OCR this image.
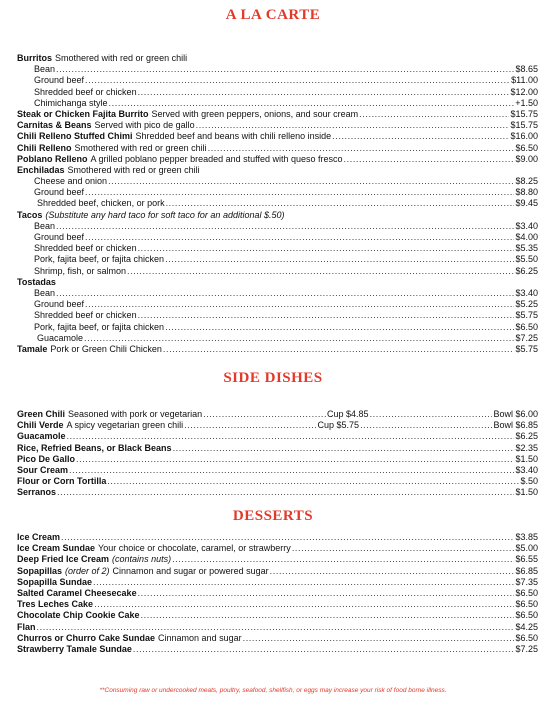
A LA CARTE
Burritos Smothered with red or green chili
Bean .....	$8.65
Ground beef .....	$11.00
Shredded beef or chicken .....	$12.00
Chimichanga style .....	+1.50
Steak or Chicken Fajita Burrito Served with green peppers, onions, and sour cream .....	$15.75
Carnitas & Beans Served with pico de gallo .....	$15.75
Chili Relleno Stuffed Chimi Shredded beef and beans with chili relleno inside .....	$16.00
Chili Relleno Smothered with red or green chili .....	$6.50
Poblano Relleno A grilled poblano pepper breaded and stuffed with queso fresco .....	$9.00
Enchiladas Smothered with red or green chili
Cheese and onion .....	$8.25
Ground beef .....	$8.80
Shredded beef, chicken, or pork .....	$9.45
Tacos (Substitute any hard taco for soft taco for an additional $.50)
Bean .....	$3.40
Ground beef .....	$4.00
Shredded beef or chicken .....	$5.35
Pork, fajita beef, or fajita chicken .....	$5.50
Shrimp, fish, or salmon .....	$6.25
Tostadas
Bean .....	$3.40
Ground beef .....	$5.25
Shredded beef or chicken .....	$5.75
Pork, fajita beef, or fajita chicken .....	$6.50
Guacamole .....	$7.25
Tamale Pork or Green Chili Chicken .....	$5.75
SIDE DISHES
Green Chili Seasoned with pork or vegetarian .....	Cup $4.85 .....	Bowl $6.00
Chili Verde A spicy vegetarian green chili .....	Cup $5.75 .....	Bowl $6.85
Guacamole .....	$6.25
Rice, Refried Beans, or Black Beans .....	$2.35
Pico De Gallo .....	$1.50
Sour Cream .....	$3.40
Flour or Corn Tortilla .....	$.50
Serranos .....	$1.50
DESSERTS
Ice Cream .....	$3.85
Ice Cream Sundae Your choice or chocolate, caramel, or strawberry .....	$5.00
Deep Fried Ice Cream (contains nuts) .....	$6.55
Sopapillas (order of 2) Cinnamon and sugar or powered sugar .....	$6.85
Sopapilla Sundae .....	$7.35
Salted Caramel Cheesecake .....	$6.50
Tres Leches Cake .....	$6.50
Chocolate Chip Cookie Cake .....	$6.50
Flan .....	$4.25
Churros or Churro Cake Sundae Cinnamon and sugar .....	$6.50
Strawberry Tamale Sundae .....	$7.25
**Consuming raw or undercooked meats, poultry, seafood, shellfish, or eggs may increase your risk of food borne illness.
